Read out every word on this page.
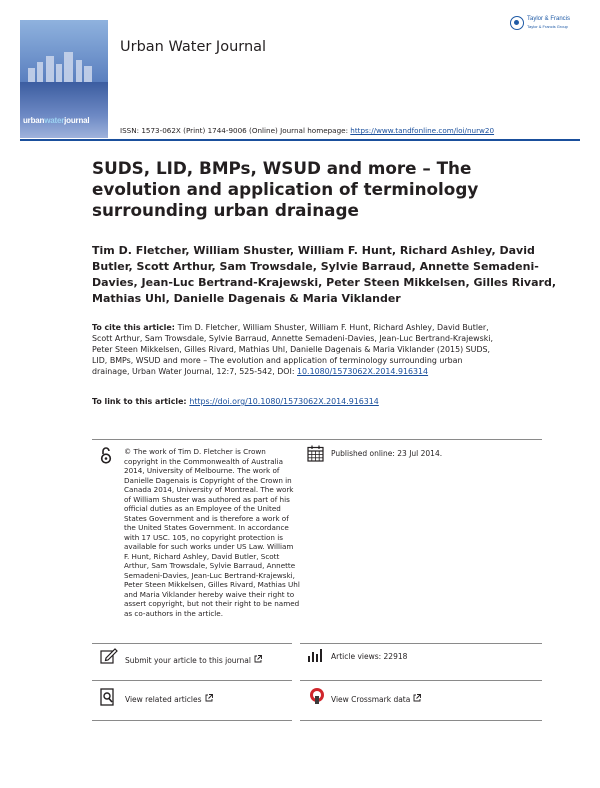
urbanwaterjournal
Urban Water Journal
Taylor & Francis
Taylor & Francis Group
ISSN: 1573-062X (Print) 1744-9006 (Online) Journal homepage: https://www.tandfonline.com/loi/nurw20
SUDS, LID, BMPs, WSUD and more – The evolution and application of terminology surrounding urban drainage

Tim D. Fletcher, William Shuster, William F. Hunt, Richard Ashley, David Butler, Scott Arthur, Sam Trowsdale, Sylvie Barraud, Annette Semadeni-Davies, Jean-Luc Bertrand-Krajewski, Peter Steen Mikkelsen, Gilles Rivard, Mathias Uhl, Danielle Dagenais & Maria Viklander

To cite this article: Tim D. Fletcher, William Shuster, William F. Hunt, Richard Ashley, David Butler, Scott Arthur, Sam Trowsdale, Sylvie Barraud, Annette Semadeni-Davies, Jean-Luc Bertrand-Krajewski, Peter Steen Mikkelsen, Gilles Rivard, Mathias Uhl, Danielle Dagenais & Maria Viklander (2015) SUDS, LID, BMPs, WSUD and more – The evolution and application of terminology surrounding urban drainage, Urban Water Journal, 12:7, 525-542, DOI: 10.1080/1573062X.2014.916314

To link to this article: https://doi.org/10.1080/1573062X.2014.916314

© The work of Tim D. Fletcher is Crown copyright in the Commonwealth of Australia 2014, University of Melbourne. The work of Danielle Dagenais is Copyright of the Crown in Canada 2014, University of Montreal. The work of William Shuster was authored as part of his official duties as an Employee of the United States Government and is therefore a work of the United States Government. In accordance with 17 USC. 105, no copyright protection is available for such works under US Law. William F. Hunt, Richard Ashley, David Butler, Scott Arthur, Sam Trowsdale, Sylvie Barraud, Annette Semadeni-Davies, Jean-Luc Bertrand-Krajewski, Peter Steen Mikkelsen, Gilles Rivard, Mathias Uhl and Maria Viklander hereby waive their right to assert copyright, but not their right to be named as co-authors in the article.

Published online: 23 Jul 2014.
Submit your article to this journal	Article views: 22918
View related articles	View Crossmark data
